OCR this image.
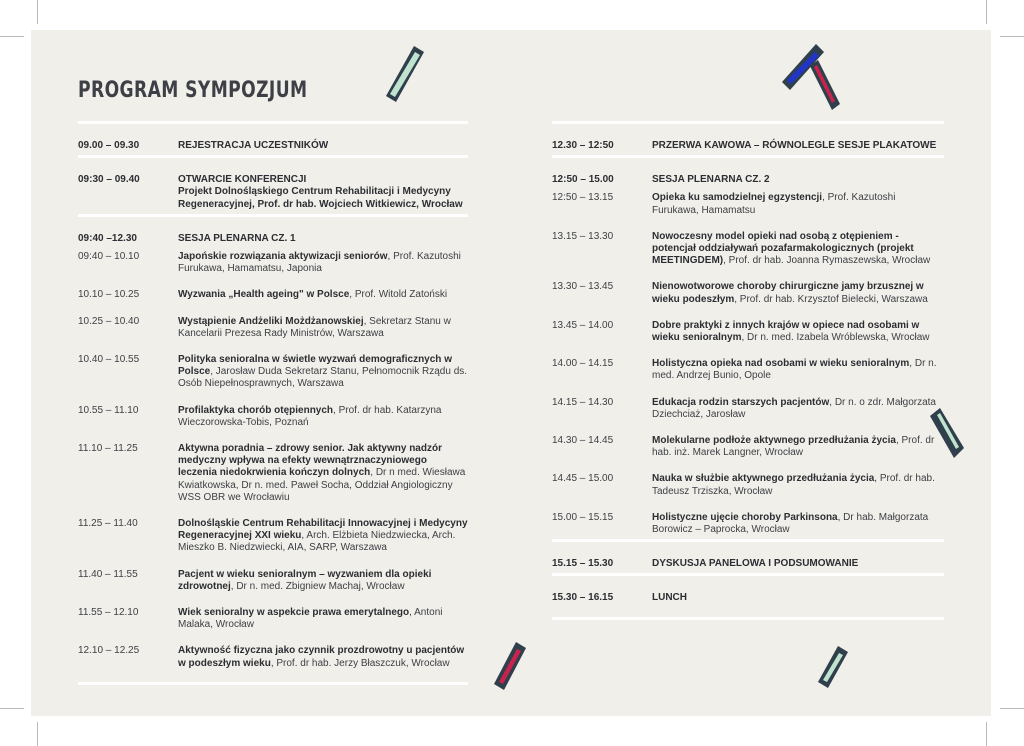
PROGRAM SYMPOZJUM
09.00 – 09.30	REJESTRACJA UCZESTNIKÓW
09:30 – 09.40	OTWARCIE KONFERENCJI
Projekt Dolnośląskiego Centrum Rehabilitacji i Medycyny Regeneracyjnej, Prof. dr hab. Wojciech Witkiewicz, Wrocław
09:40 –12.30	SESJA PLENARNA CZ. 1
09:40 – 10.10	Japońskie rozwiązania aktywizacji seniorów, Prof. Kazutoshi Furukawa, Hamamatsu, Japonia
10.10 – 10.25	Wyzwania „Health ageing" w Polsce, Prof. Witold Zatoński
10.25 – 10.40	Wystąpienie Andżeliki Możdżanowskiej, Sekretarz Stanu w Kancelarii Prezesa Rady Ministrów, Warszawa
10.40 – 10.55	Polityka senioralna w świetle wyzwań demograficznych w Polsce, Jarosław Duda Sekretarz Stanu, Pełnomocnik Rządu ds. Osób Niepełnosprawnych, Warszawa
10.55 – 11.10	Profilaktyka chorób otępiennych, Prof. dr hab. Katarzyna Wieczorowska-Tobis, Poznań
11.10 – 11.25	Aktywna poradnia – zdrowy senior. Jak aktywny nadzór medyczny wpływa na efekty wewnątrznaczyniowego leczenia niedokrwienia kończyn dolnych, Dr n med. Wiesława Kwiatkowska, Dr n. med. Paweł Socha, Oddział Angiologiczny WSS OBR we Wrocławiu
11.25 – 11.40	Dolnośląskie Centrum Rehabilitacji Innowacyjnej i Medycyny Regeneracyjnej XXI wieku, Arch. Elżbieta Niedzwiecka, Arch. Mieszko B. Niedzwiecki, AIA, SARP, Warszawa
11.40 – 11.55	Pacjent w wieku senioralnym – wyzwaniem dla opieki zdrowotnej, Dr n. med. Zbigniew Machaj, Wrocław
11.55 – 12.10	Wiek senioralny w aspekcie prawa emerytalnego, Antoni Malaka, Wrocław
12.10 – 12.25	Aktywność fizyczna jako czynnik prozdrowotny u pacjentów w podeszłym wieku, Prof. dr hab. Jerzy Błaszczuk, Wrocław
12.30 – 12:50	PRZERWA KAWOWA – RÓWNOLEGLE SESJE PLAKATOWE
12:50 – 15.00	SESJA PLENARNA CZ. 2
12:50 – 13.15	Opieka ku samodzielnej egzystencji, Prof. Kazutoshi Furukawa, Hamamatsu
13.15 – 13.30	Nowoczesny model opieki nad osobą z otępieniem - potencjał oddziaływań pozafarmakologicznych (projekt MEETINGDEM), Prof. dr hab. Joanna Rymaszewska, Wrocław
13.30 – 13.45	Nienowotworowe choroby chirurgiczne jamy brzusznej w wieku podeszłym, Prof. dr hab. Krzysztof Bielecki, Warszawa
13.45 – 14.00	Dobre praktyki z innych krajów w opiece nad osobami w wieku senioralnym, Dr n. med. Izabela Wróblewska, Wrocław
14.00 – 14.15	Holistyczna opieka nad osobami w wieku senioralnym, Dr n. med. Andrzej Bunio, Opole
14.15 – 14.30	Edukacja rodzin starszych pacjentów, Dr n. o zdr. Małgorzata Dziechciaż, Jarosław
14.30 – 14.45	Molekularne podłoże aktywnego przedłużania życia, Prof. dr hab. inż. Marek Langner, Wrocław
14.45 – 15.00	Nauka w służbie aktywnego przedłużania życia, Prof. dr hab. Tadeusz Trziszka, Wrocław
15.00 – 15.15	Holistyczne ujęcie choroby Parkinsona, Dr hab. Małgorzata Borowicz – Paprocka, Wrocław
15.15 – 15.30	DYSKUSJA PANELOWA I PODSUMOWANIE
15.30 – 16.15	LUNCH
